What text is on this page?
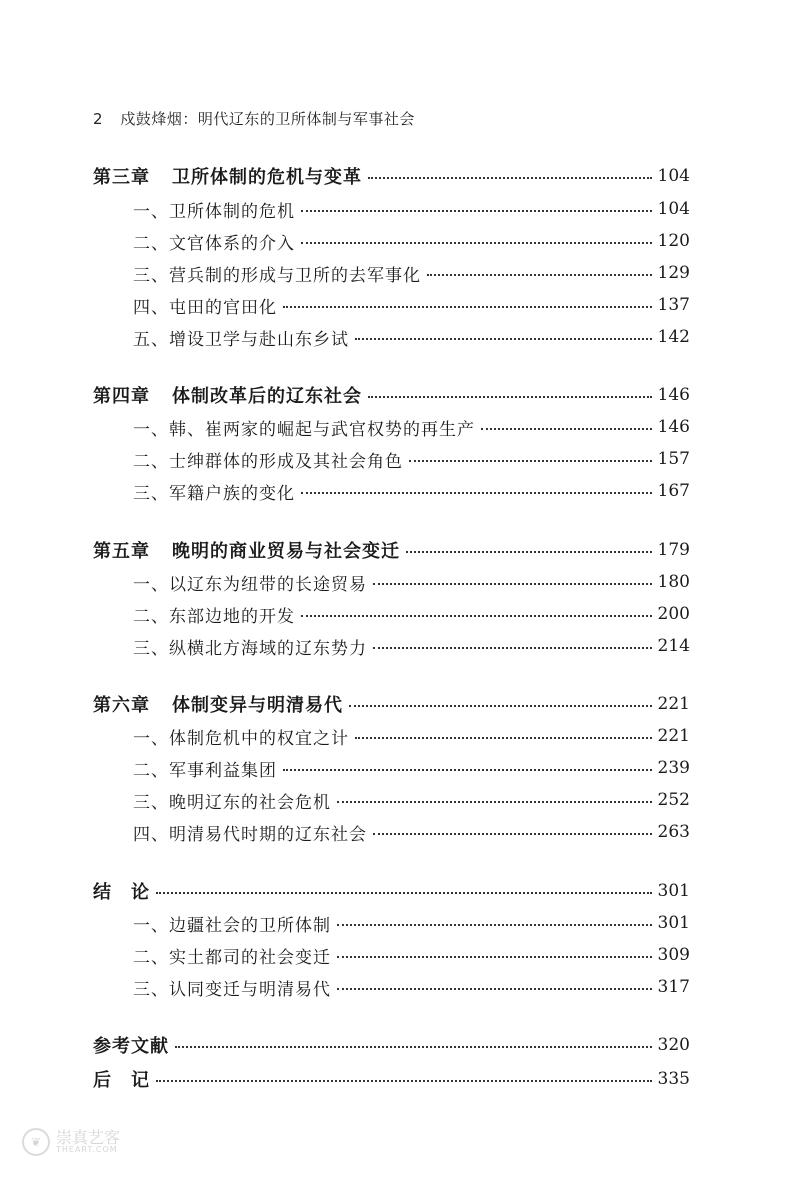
2 戍鼓烽烟：明代辽东的卫所体制与军事社会
第三章 卫所体制的危机与变革	104
一、卫所体制的危机	104
二、文官体系的介入	120
三、营兵制的形成与卫所的去军事化	129
四、屯田的官田化	137
五、增设卫学与赴山东乡试	142
第四章 体制改革后的辽东社会	146
一、韩、崔两家的崛起与武官权势的再生产	146
二、士绅群体的形成及其社会角色	157
三、军籍户族的变化	167
第五章 晚明的商业贸易与社会变迁	179
一、以辽东为纽带的长途贸易	180
二、东部边地的开发	200
三、纵横北方海域的辽东势力	214
第六章 体制变异与明清易代	221
一、体制危机中的权宜之计	221
二、军事利益集团	239
三、晚明辽东的社会危机	252
四、明清易代时期的辽东社会	263
结　论	301
一、边疆社会的卫所体制	301
二、实土都司的社会变迁	309
三、认同变迁与明清易代	317
参考文献	320
后　记	335
❦ 崇真艺客
THEART.COM
